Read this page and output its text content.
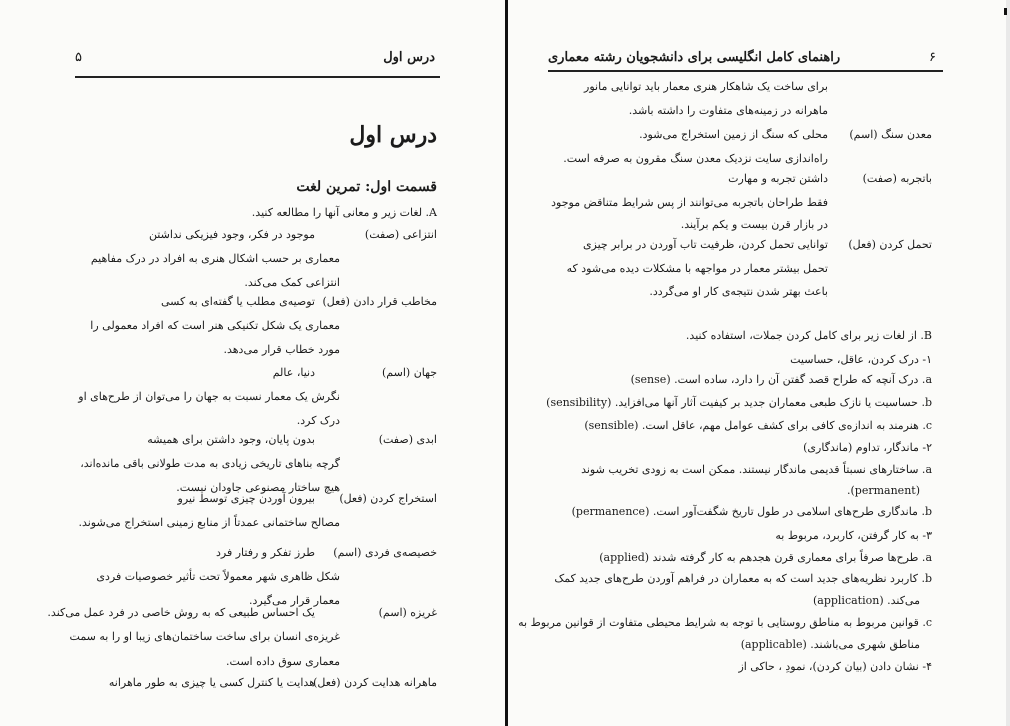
درس اول
۵
درس اول
قسمت اول: تمرین لغت
A. لغات زیر و معانی آنها را مطالعه کنید.
انتزاعی (صفت)
موجود در فکر، وجود فیزیکی نداشتن
معماری بر حسب اشکال هنری به افراد در درک مفاهیم
انتزاعی کمک می‌کند.
مخاطب قرار دادن (فعل)
توصیه‌ی مطلب یا گفته‌ای به کسی
معماری یک شکل تکنیکی هنر است که افراد معمولی را
مورد خطاب قرار می‌دهد.
جهان (اسم)
دنیا، عالم
نگرش یک معمار نسبت به جهان را می‌توان از طرح‌های او
درک کرد.
ابدی (صفت)
بدون پایان، وجود داشتن برای همیشه
گرچه بناهای تاریخی زیادی به مدت طولانی باقی مانده‌اند،
هیچ ساختار مصنوعی جاودان نیست.
استخراج کردن (فعل)
بیرون آوردن چیزی توسط نیرو
مصالح ساختمانی عمدتاً از منابع زمینی استخراج می‌شوند.
خصیصه‌ی فردی (اسم)
طرز تفکر و رفتار فرد
شکل ظاهری شهر معمولاً تحت تأثیر خصوصیات فردی
معمار قرار می‌گیرد.
غریزه (اسم)
یک احساس طبیعی که به روش خاصی در فرد عمل می‌کند.
غریزه‌ی انسان برای ساخت ساختمان‌های زیبا او را به سمت
معماری سوق داده است.
ماهرانه هدایت کردن (فعل)
هدایت یا کنترل کسی یا چیزی به طور ماهرانه
راهنمای کامل انگلیسی برای دانشجویان رشته معماری	۶
برای ساخت یک شاهکار هنری معمار باید توانایی مانور
ماهرانه در زمینه‌های متفاوت را داشته باشد.
معدن سنگ (اسم)
محلی که سنگ از زمین استخراج می‌شود.
راه‌اندازی سایت نزدیک معدن سنگ مقرون به صرفه است.
باتجربه (صفت)
داشتن تجربه و مهارت
فقط طراحان باتجربه می‌توانند از پس شرایط متناقض موجود
در بازار قرن بیست و یکم برآیند.
تحمل کردن (فعل)
توانایی تحمل کردن، ظرفیت تاب آوردن در برابر چیزی
تحمل بیشتر معمار در مواجهه با مشکلات دیده می‌شود که
باعث بهتر شدن نتیجه‌ی کار او می‌گردد.
B. از لغات زیر برای کامل کردن جملات، استفاده کنید.
۱- درک کردن، عاقل، حساسیت
a. درک آنچه که طراح قصد گفتن آن را دارد، ساده است. (sense)
b. حساسیت یا نازک طبعی معماران جدید بر کیفیت آثار آنها می‌افزاید. (sensibility)
c. هنرمند به اندازه‌ی کافی برای کشف عوامل مهم، عاقل است. (sensible)
۲- ماندگار، تداوم (ماندگاری)
a. ساختارهای نسبتاً قدیمی ماندگار نیستند. ممکن است به زودی تخریب شوند
(permanent).
b. ماندگاری طرح‌های اسلامی در طول تاریخ شگفت‌آور است. (permanence)
۳- به کار گرفتن، کاربرد، مربوط به
a. طرح‌ها صرفاً برای معماری قرن هجدهم به کار گرفته شدند (applied)
b. کاربرد نظریه‌های جدید است که به معماران در فراهم آوردن طرح‌های جدید کمک
می‌کند. (application)
c. قوانین مربوط به مناطق روستایی با توجه به شرایط محیطی متفاوت از قوانین مربوط به
مناطق شهری می‌باشند. (applicable)
۴- نشان دادن (بیان کردن)، نمودِ ، حاکی از
